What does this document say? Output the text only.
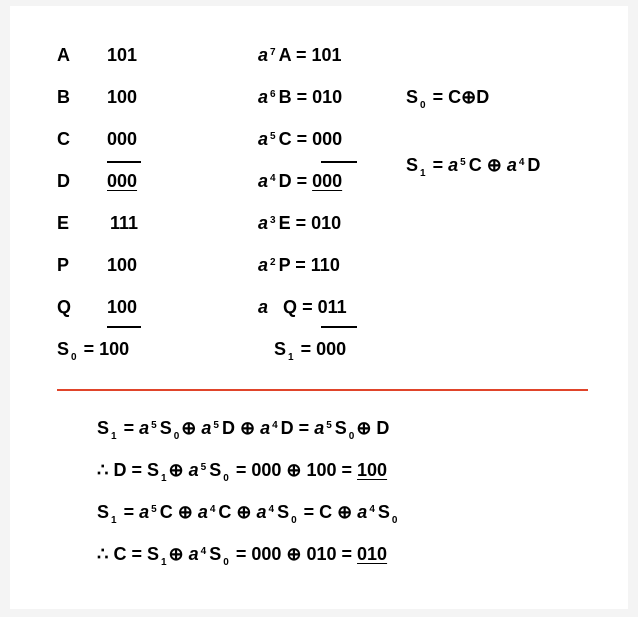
A 101
B 100
C 000
D 000
E 111
P 100
Q 100
S $_0$ = 100
a $^7$ A = 101
a $^6$ B = 010
a $^5$ C = 000
a $^4$ D = 000
a $^3$ E = 010
a $^2$ P = 110
a Q = 011
S $_1$ = 000
S $_0$ = C⊕D
S $_1$ = a $^5$ C ⊕ a $^4$ D
S $_1$ = a $^5$ S $_0$ ⊕ a $^5$ D ⊕ a $^4$ D = a $^5$ S $_0$ ⊕ D
∴ D = S $_1$ ⊕ a $^5$ S $_0$ = 000 ⊕ 100 = 100
S $_1$ = a $^5$ C ⊕ a $^4$ C ⊕ a $^4$ S $_0$ = C ⊕ a $^4$ S $_0$
∴ C = S $_1$ ⊕ a $^4$ S $_0$ = 000 ⊕ 010 = 010
